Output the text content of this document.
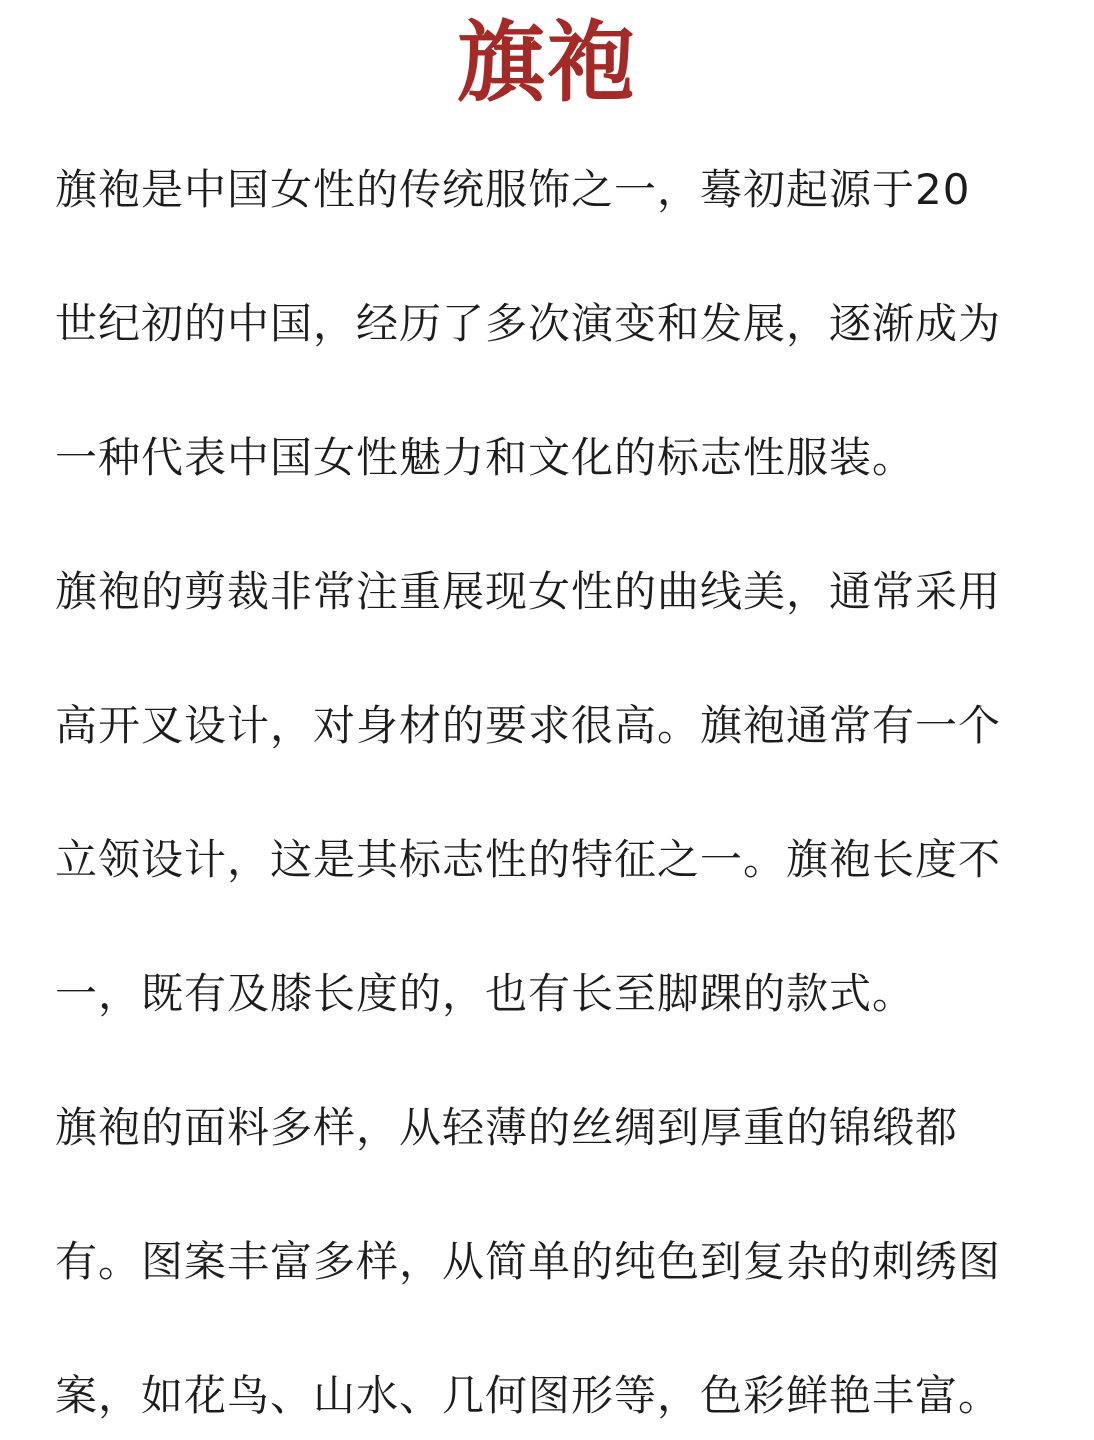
旗袍
旗袍是中国女性的传统服饰之一，蓦初起源于20
世纪初的中国，经历了多次演变和发展，逐渐成为
一种代表中国女性魅力和文化的标志性服装。
旗袍的剪裁非常注重展现女性的曲线美，通常采用
高开叉设计，对身材的要求很高。旗袍通常有一个
立领设计，这是其标志性的特征之一。旗袍长度不
一，既有及膝长度的，也有长至脚踝的款式。
旗袍的面料多样，从轻薄的丝绸到厚重的锦缎都
有。图案丰富多样，从简单的纯色到复杂的刺绣图
案，如花鸟、山水、几何图形等，色彩鲜艳丰富。
